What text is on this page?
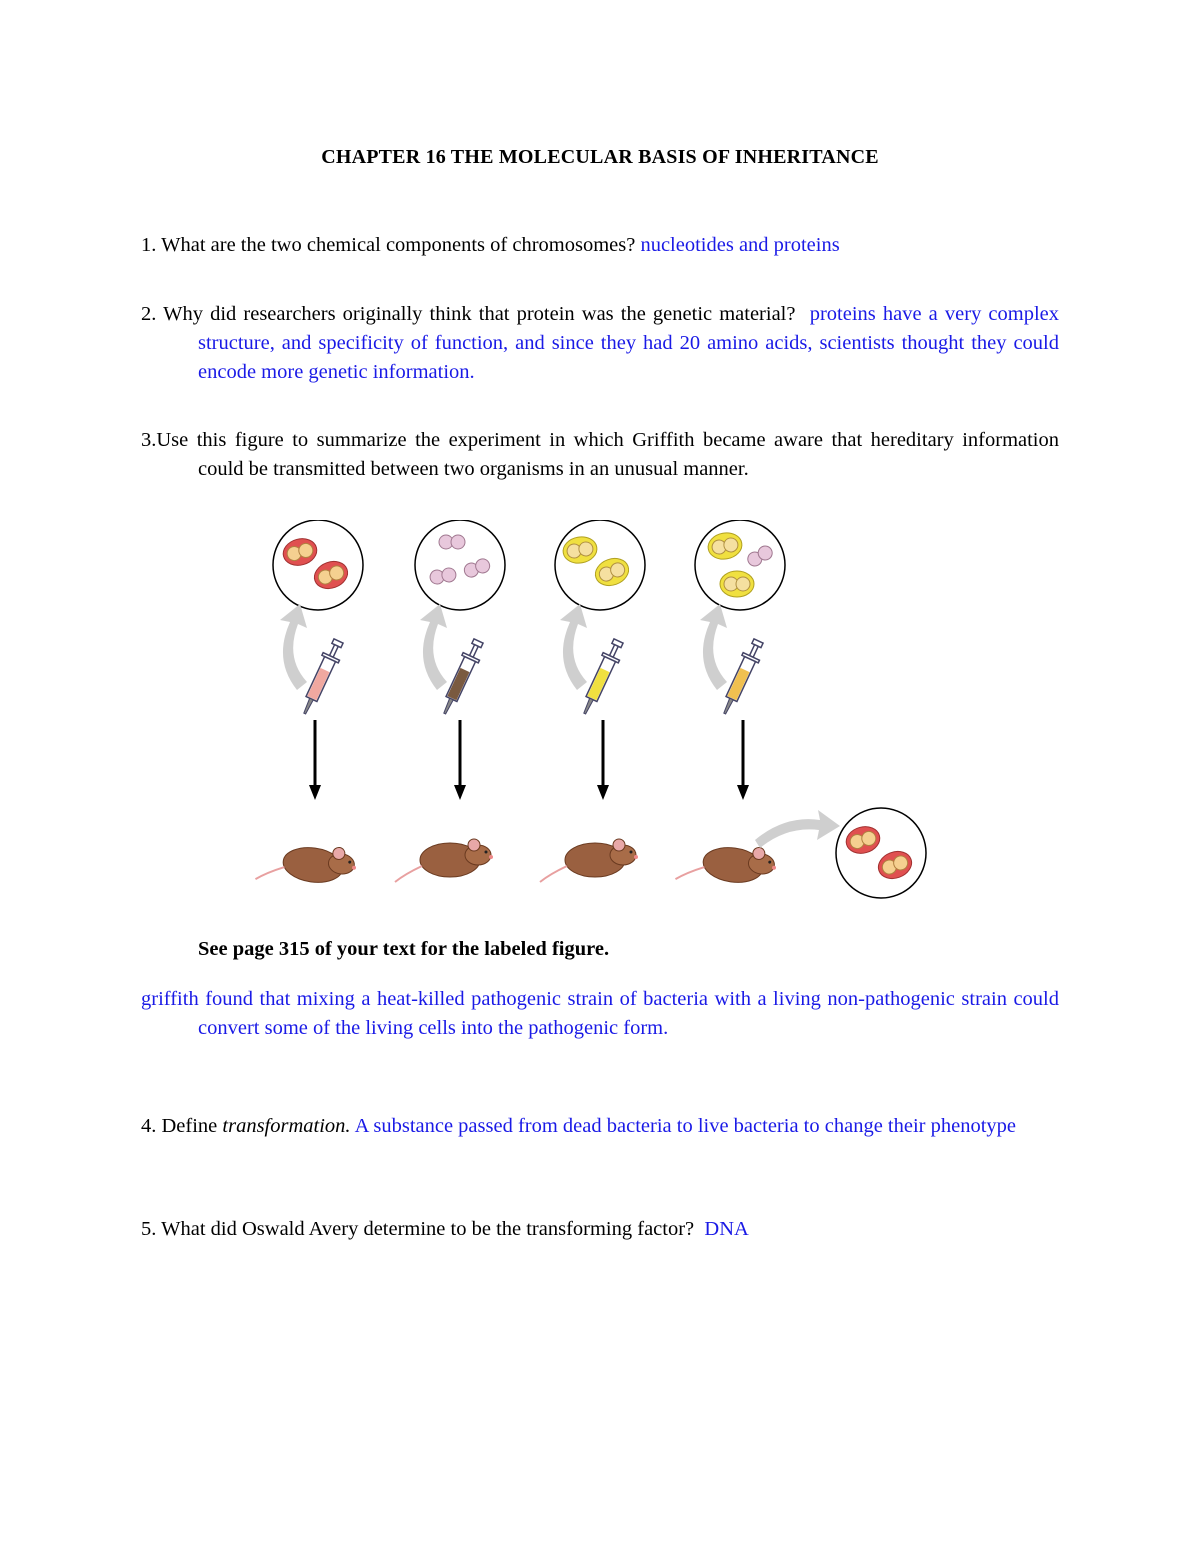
CHAPTER 16 THE MOLECULAR BASIS OF INHERITANCE
1. What are the two chemical components of chromosomes? nucleotides and proteins
2. Why did researchers originally think that protein was the genetic material? proteins have a very complex structure, and specificity of function, and since they had 20 amino acids, scientists thought they could encode more genetic information.
3.Use this figure to summarize the experiment in which Griffith became aware that hereditary information could be transmitted between two organisms in an unusual manner.
See page 315 of your text for the labeled figure.
griffith found that mixing a heat-killed pathogenic strain of bacteria with a living non-pathogenic strain could convert some of the living cells into the pathogenic form.
4. Define transformation. A substance passed from dead bacteria to live bacteria to change their phenotype
5. What did Oswald Avery determine to be the transforming factor? DNA
